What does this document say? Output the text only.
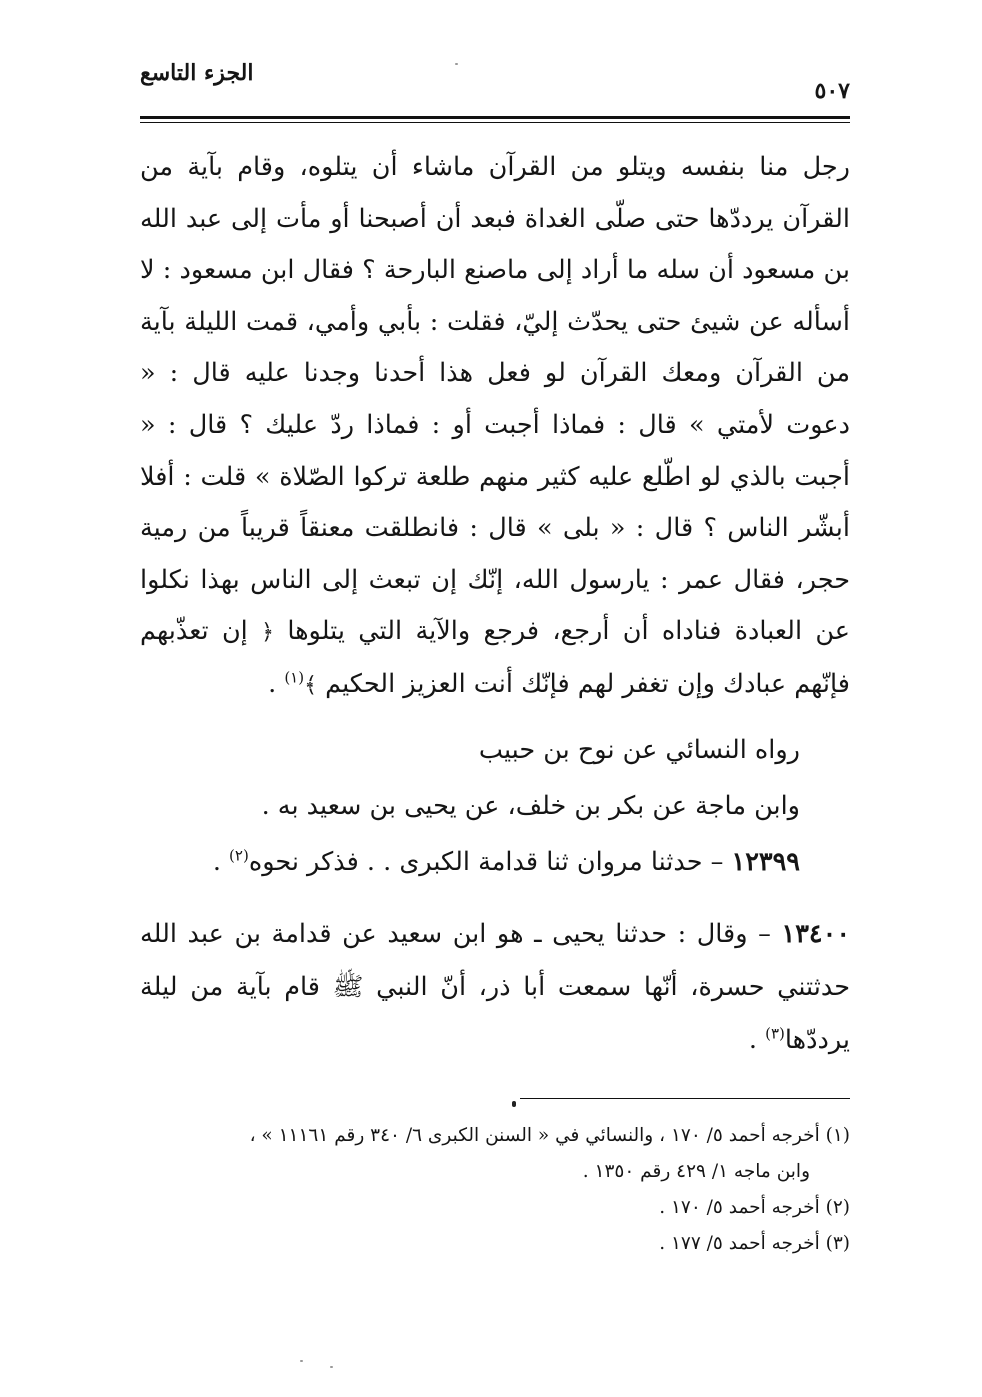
الجزء التاسع
٥٠٧

رجل منا بنفسه ويتلو من القرآن ماشاء أن يتلوه، وقام بآية من القرآن يرددّها حتى صلّى الغداة فبعد أن أصبحنا أو مأت إلى عبد الله بن مسعود أن سله ما أراد إلى ماصنع البارحة ؟ فقال ابن مسعود : لا أسأله عن شيئ حتى يحدّث إليّ، فقلت : بأبي وأمي، قمت الليلة بآية من القرآن ومعك القرآن لو فعل هذا أحدنا وجدنا عليه قال : « دعوت لأمتي » قال : فماذا أجبت أو : فماذا ردّ عليك ؟ قال : « أجبت بالذي لو اطّلع عليه كثير منهم طلعة تركوا الصّلاة » قلت : أفلا أبشّر الناس ؟ قال : « بلى » قال : فانطلقت معنقاً قريباً من رمية حجر، فقال عمر : يارسول الله، إنّك إن تبعث إلى الناس بهذا نكلوا عن العبادة فناداه أن أرجع، فرجع والآية التي يتلوها ﴿ إن تعذّبهم فإنّهم عبادك وإن تغفر لهم فإنّك أنت العزيز الحكيم ﴾$^{(١)}$ .

رواه النسائي عن نوح بن حبيب

وابن ماجة عن بكر بن خلف، عن يحيى بن سعيد به .

١٢٣٩٩ – حدثنا مروان ثنا قدامة الكبرى . . فذكر نحوه$^{(٢)}$ .

١٣٤٠٠ – وقال : حدثنا يحيى ـ هو ابن سعيد عن قدامة بن عبد الله حدثتني حسرة، أنّها سمعت أبا ذر، أنّ النبي ﷺ قام بآية من ليلة يرددّها$^{(٣)}$ .

(١) أخرجه أحمد ٥/ ١٧٠ ، والنسائي في « السنن الكبرى ٦/ ٣٤٠ رقم ١١١٦١ » ،

وابن ماجه ١/ ٤٢٩ رقم ١٣٥٠ .

(٢) أخرجه أحمد ٥/ ١٧٠ .

(٣) أخرجه أحمد ٥/ ١٧٧ .
